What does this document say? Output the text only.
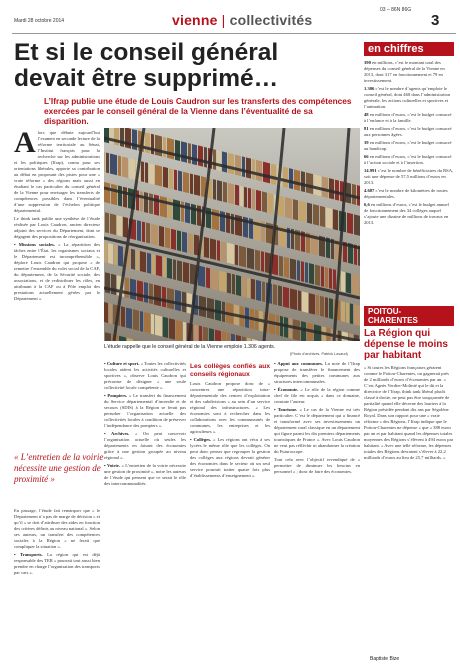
Mardi 28 octobre 2014	vienne | collectivités
03 – 86N 86G
3
Et si le conseil général devait être supprimé…
L’Ifrap publie une étude de Louis Caudron sur les transferts des compétences exercées par le conseil général de la Vienne dans l’éventualité de sa disparition.
A lors que débute aujourd’hui l’examen en seconde lecture de la réforme territoriale au Sénat, l’Institut français pour la recherche sur les administrations et les politiques (Ifrap), connu pour ses orientations libérales, apporte sa contribution au débat en proposant des pistes pour une « vraie réforme » des régions mais aussi en étudiant le cas particulier du conseil général de la Vienne pour envisager les transferts de compétences possibles dans l’éventualité d’une suppression de l’échelon politique départemental.

Le think tank publie une synthèse de l’étude réalisée par Louis Caudron, ancien directeur adjoint des services du Département, dont se dégagent des propositions de réorganisation.

• Missions sociales. « La répartition des tâches entre l’État, les organismes sociaux et le Département est incompréhensible », déplore Louis Caudron qui propose « de remettre l’ensemble du volet social de la CAF, du département, de la Sécurité sociale, des associations, et de redistribuer les rôles, en attribuant à la CAF ou à Pôle emploi des prestations actuellement gérées par le Département ».

« L’entretien de la voirie nécessite une gestion de proximité »

En passage, l’étude fait remarquer que « le Département n’a pas de marge de décision » et qu’il « se doit d’attribuer des aides en fonction des critères définis au niveau national ». Selon ses auteurs, un transfert des compétences sociales à la Région « ne ferait que compliquer la situation ».

• Transports. La région qui est déjà responsable des TER « pourrait tout aussi bien prendre en charge l’organisation des transports par cars ».

L’étude rappelle que le conseil général de la Vienne emploie 1.306 agents.
(Photo d’archives, Patrick Lavaud)

• Culture et sport. « Toutes les collectivités locales aident les activités culturelles et sportives », observe Louis Caudron qui préconise de désigner « une seule collectivité locale compétente ».

• Pompiers. « Le transfert du financement du Service départemental d’incendie et de secours (SDIS) à la Région se ferait pas perturber l’organisation actuelle des collectivités locales à condition de préserver l’indépendance des pompiers ».

• Archives. « On peut concevoir l’organisation actuelle où seules les départements en faisant des économies grâce à une gestion groupée au niveau régional ».

• Voirie. « L’entretien de la voirie nécessite une gestion de proximité », notre les auteurs de l’étude qui pensent que ce serait le rôle des intercommunalités.

Les collèges confiés aux conseils régionaux

Louis Caudron propose donc de « concentrer une répartition intra-départementale des centres d’exploitation et des subdivisions » au sein d’un service régional des infrastructures. « Les économies sont à rechercher dans les collaborations avec les communautés de communes, les entreprises et les agriculteurs ».

• Collèges. « Les régions ont vécu à ses lycées le même rôle que les collèges. On peut donc penser que regrouper la gestion des collèges aux régions devrait générer des économies dans le secteur où un seul service pourrait traiter quatre fois plus d’établissements d’enseignement ».

• Appui aux communes. La note de l’Ifrap propose de transférer le financement des équipements des petites communes aux structures intercommunales.

• Économie. « Le rôle de la région comme chef de file est acquis » dans ce domaine, constate l’auteur.

• Tourisme. « Le cas de la Vienne est très particulier. C’est le département qui a financé et transformé avec ses investissements un département rural classique en un département qui figure parmi les dix premiers départements touristiques de France ». Avec Louis Caudron ne veut pas réfléchir ni abandonner la création du Futuroscope.

Tout cela avec l’objectif revendiqué de « permettre de diminuer les besoins en personnel » ; donc de faire des économies.

en chiffres

390 en millions, c’est le montant total des dépenses du conseil général de la Vienne en 2013, dont 317 en fonctionnement et 79 en investissement.

1.306 c’est le nombre d’agents qu’emploie le conseil général, dont 460 dans l’administration générale, les actions culturelles et sportives et l’animation.

48 en millions d’euros, c’est le budget consacré à l’enfance et à la famille.

81 en millions d’euros, c’est le budget consacré aux personnes âgées.

39 en millions d’euros, c’est le budget consacré au handicap.

66 en millions d’euros, c’est le budget consacré à l’action sociale et à l’insertion.

14.991 c’est le nombre de bénéficiaires du RSA, soit une dépense de 57,5 millions d’euros en 2013.

4.687 c’est le nombre de kilomètres de routes départementales.

6,6 en millions d’euros, c’est le budget annuel de fonctionnement des 34 collèges auquel s’ajoute une dizaine de millions de travaux en 2013.

POITOU-CHARENTES
La Région qui dépense le moins par habitant
« Si toutes les Régions françaises géraient comme le Poitou-Charentes, on gagnerait près de 2 milliards d’euros d’économies par an. » C’est Agnès Verdier-Molinié qui le dit et la directrice de l’Ifrap, think tank libéral plutôt classé à droite, ne peut pas être soupçonnée de partialité quand elle décerne des lauriers à la Région présidée pendant dix ans par Ségolène Royal. Dans son rapport pour une « vraie réforme » des Régions, l’Ifrap indique que le Poitou-Charentes ne dépense « que » 388 euros par an et par habitant quand les dépenses totales moyennes des Régions s’élèvent à 494 euros par habitant. « Avec une telle réforme, les dépenses totales des Régions devraient s’élever à 22,2 milliards d’euros au lieu de 25,7 milliards. »
Baptiste Bize
